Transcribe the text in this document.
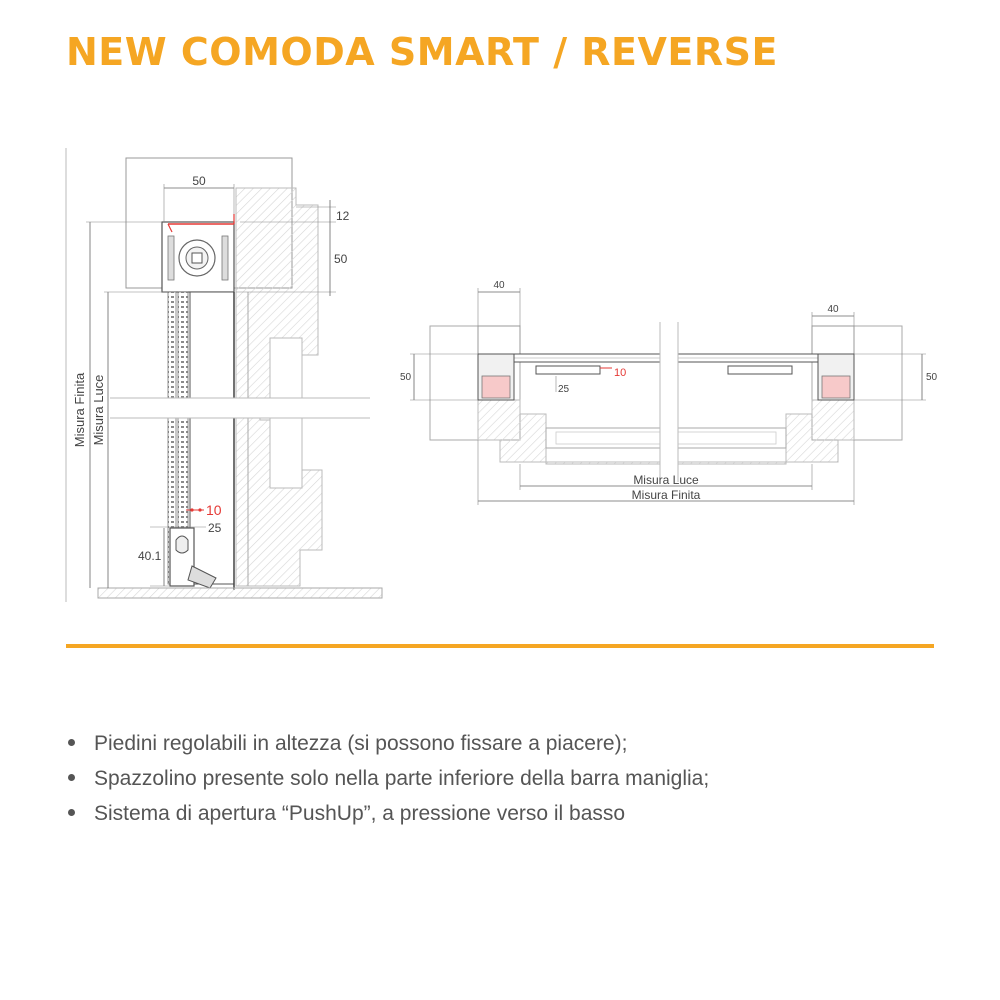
NEW COMODA SMART / REVERSE
50
12
50
Misura Finita Misura Luce
10
25
40.1
40
40
50	50
10
25
Misura Luce
Misura Finita
Piedini regolabili in altezza (si possono fissare a piacere);
Spazzolino presente solo nella parte inferiore della barra maniglia;
Sistema di apertura “PushUp”, a pressione verso il basso
